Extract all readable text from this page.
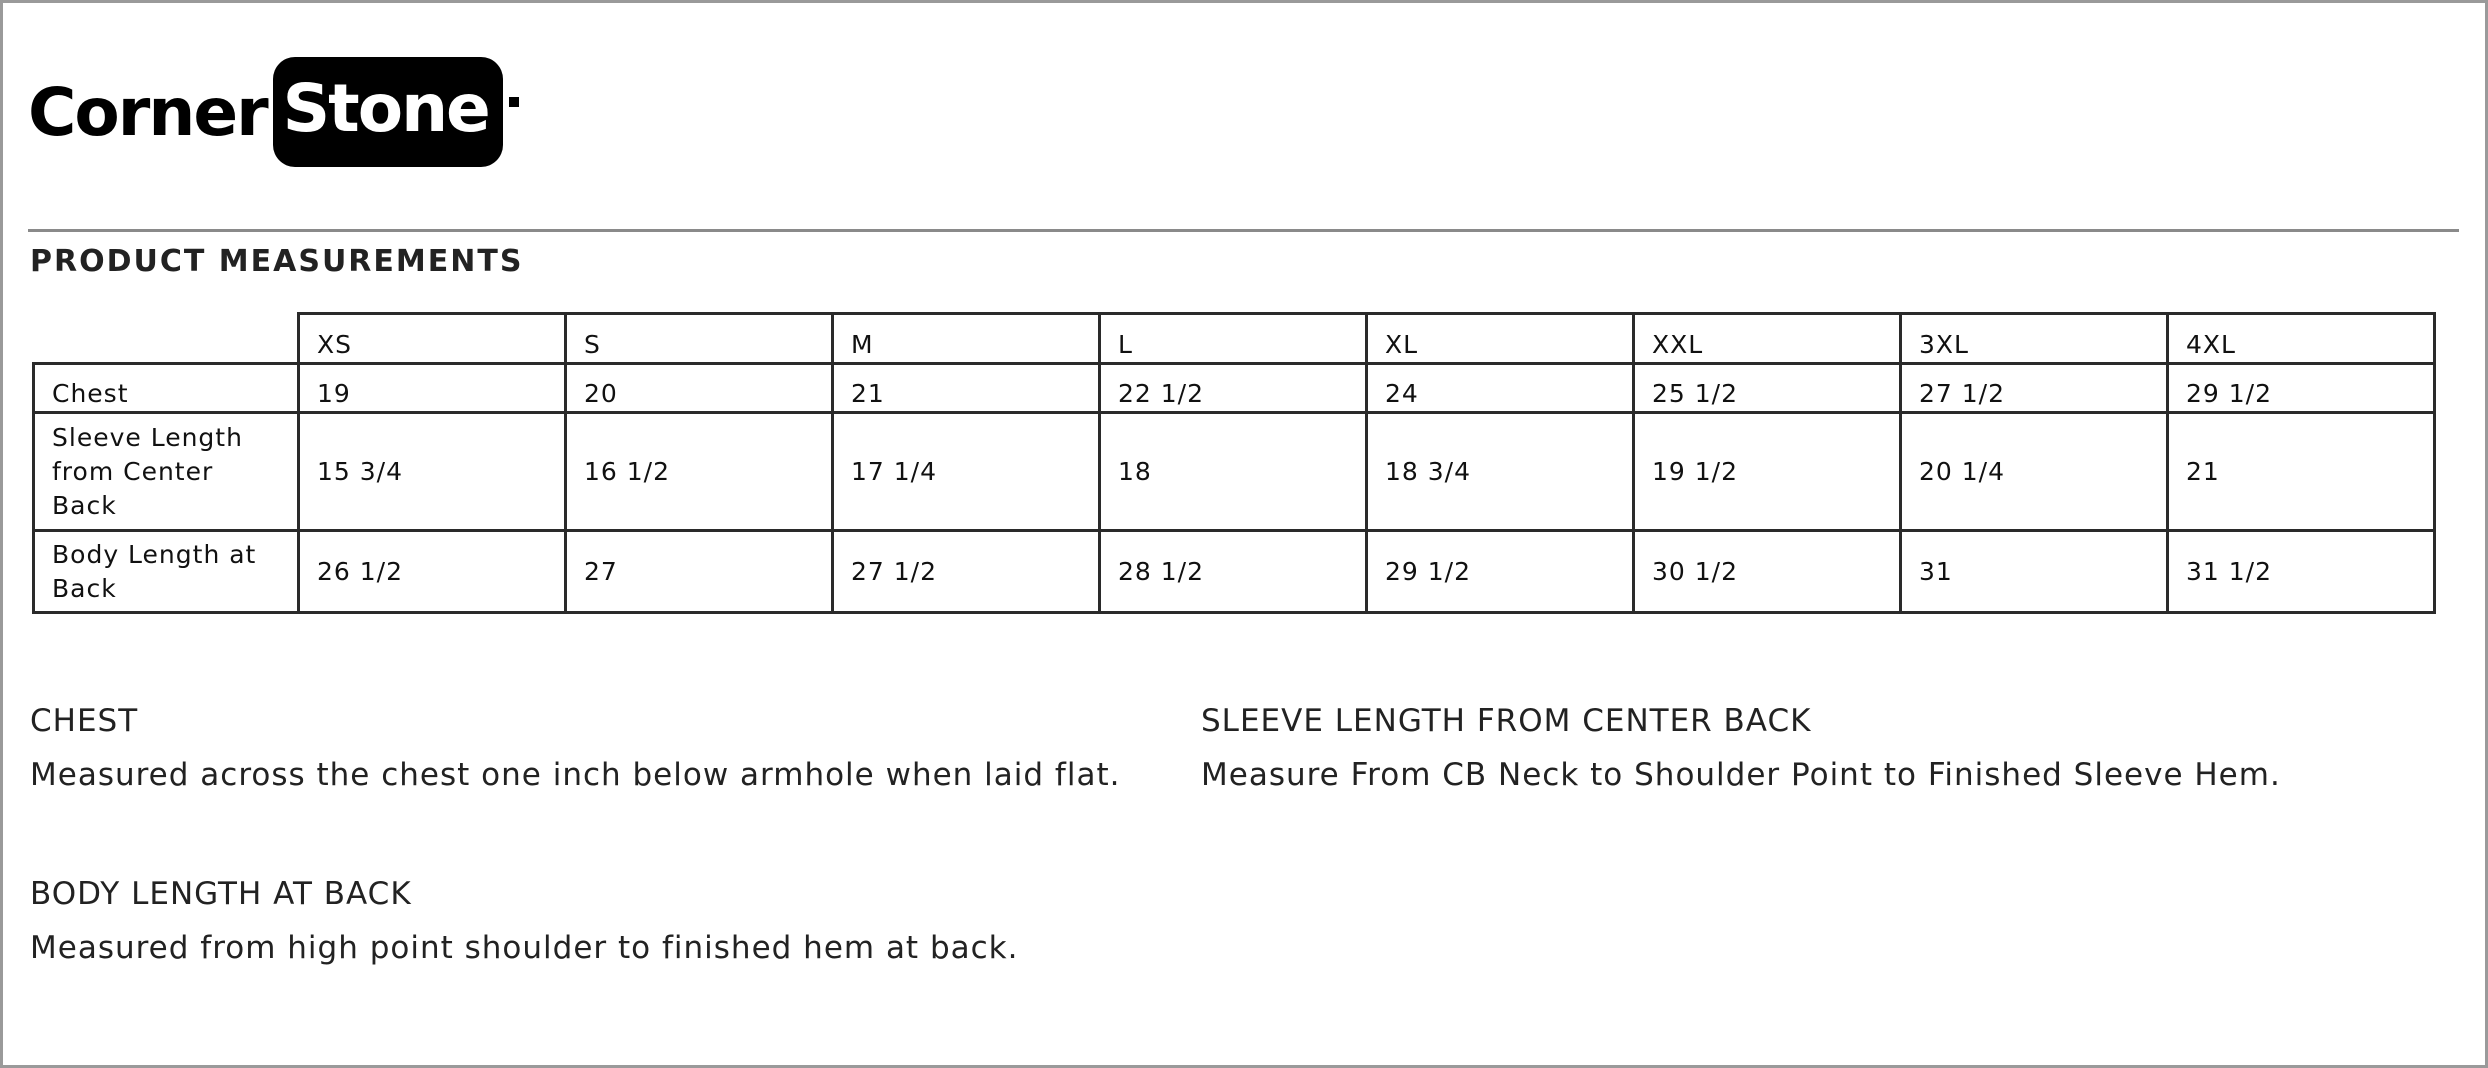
Corner Stone
PRODUCT MEASUREMENTS
	XS	S	M	L	XL	XXL	3XL	4XL
Chest	19	20	21	22 1/2	24	25 1/2	27 1/2	29 1/2
Sleeve Length from Center Back	15 3/4	16 1/2	17 1/4	18	18 3/4	19 1/2	20 1/4	21
Body Length at Back	26 1/2	27	27 1/2	28 1/2	29 1/2	30 1/2	31	31 1/2
CHEST
Measured across the chest one inch below armhole when laid flat.
SLEEVE LENGTH FROM CENTER BACK
Measure From CB Neck to Shoulder Point to Finished Sleeve Hem.
BODY LENGTH AT BACK
Measured from high point shoulder to finished hem at back.
